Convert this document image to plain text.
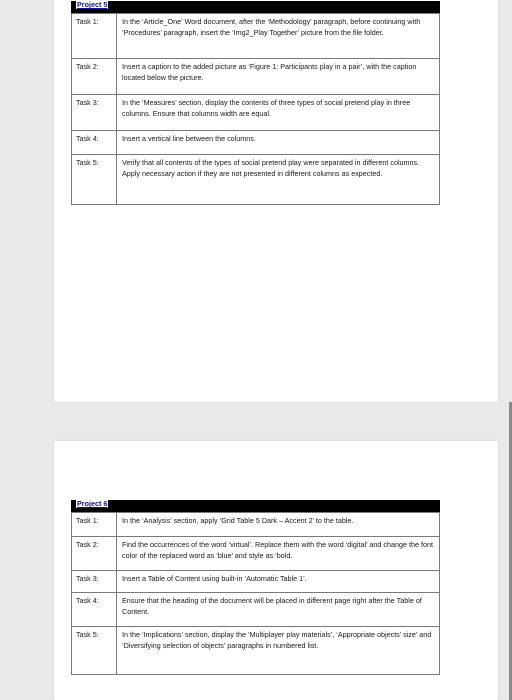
Project 5
Task 1:	In the ‘Article_One’ Word document, after the ‘Methodology’ paragraph, before continuing with ‘Procedures’ paragraph, insert the ‘Img2_Play Together’ picture from the file folder.
Task 2:	Insert a caption to the added picture as ‘Figure 1: Participants play in a pair’, with the caption located below the picture.
Task 3:	In the ‘Measures’ section, display the contents of three types of social pretend play in three columns. Ensure that columns width are equal.
Task 4:	Insert a vertical line between the columns.
Task 5:	Verify that all contents of the types of social pretend play were separated in different columns. Apply necessary action if they are not presented in different columns as expected.
Project 6
Task 1:	In the ‘Analysis’ section, apply ‘Grid Table 5 Dark – Accent 2’ to the table.
Task 2:	Find the occurrences of the word ‘virtual’. Replace them with the word ‘digital’ and change the font color of the replaced word as ‘blue’ and style as ‘bold.
Task 3:	Insert a Table of Content using built-in ‘Automatic Table 1’.
Task 4:	Ensure that the heading of the document will be placed in different page right after the Table of Content.
Task 5:	In the ‘Implications’ section, display the ‘Multiplayer play materials’, ‘Appropriate objects’ size’ and ‘Diversifying selection of objects’ paragraphs in numbered list.
